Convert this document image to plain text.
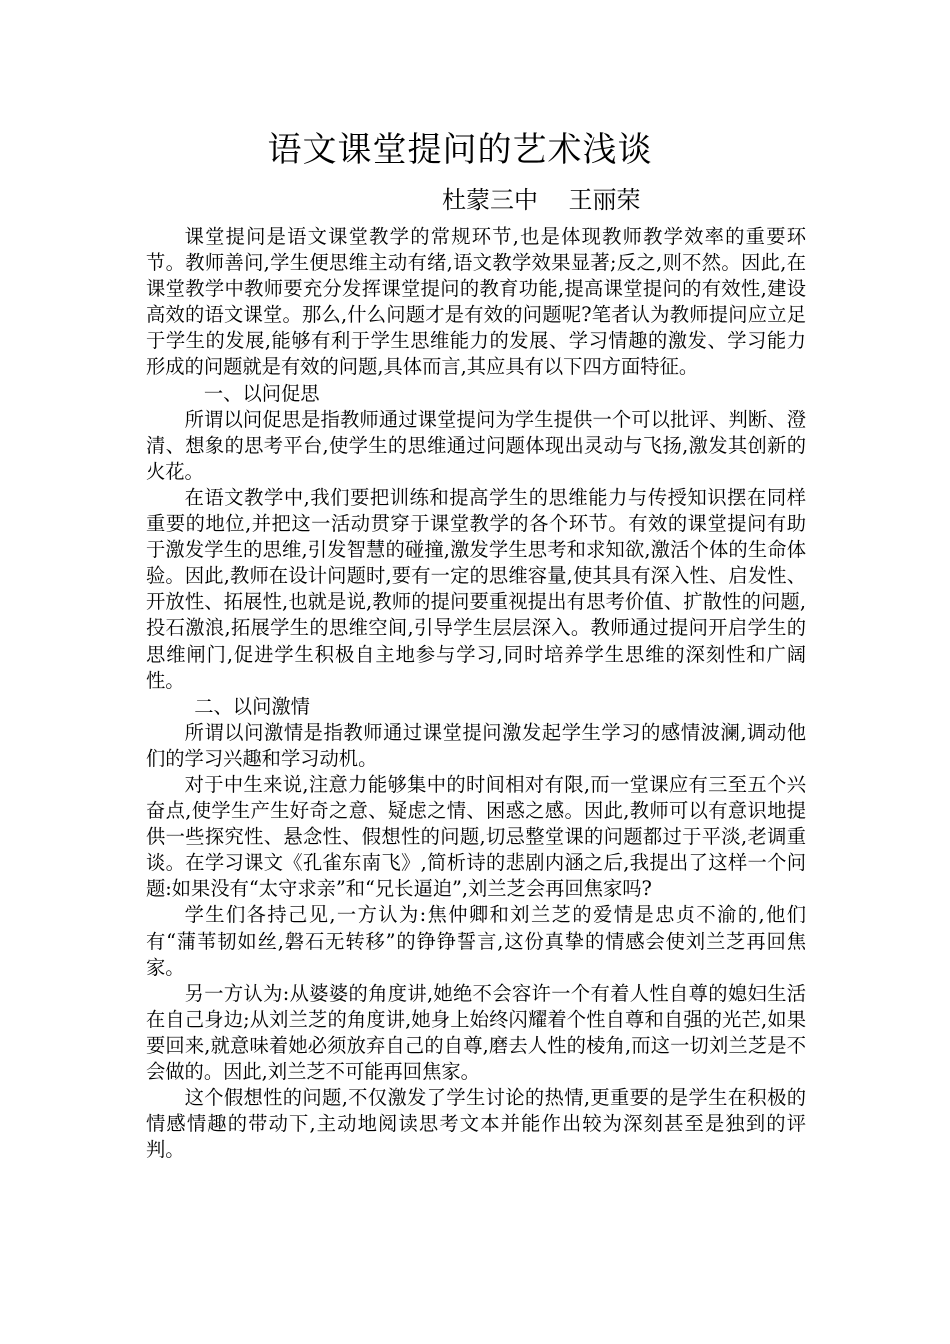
语文课堂提问的艺术浅谈
杜蒙三中    王丽荣

课堂提问是语文课堂教学的常规环节,也是体现教师教学效率的重要环节。教师善问,学生便思维主动有绪,语文教学效果显著;反之,则不然。因此,在课堂教学中教师要充分发挥课堂提问的教育功能,提高课堂提问的有效性,建设高效的语文课堂。那么,什么问题才是有效的问题呢?笔者认为教师提问应立足于学生的发展,能够有利于学生思维能力的发展、学习情趣的激发、学习能力形成的问题就是有效的问题,具体而言,其应具有以下四方面特征。

一、以问促思

所谓以问促思是指教师通过课堂提问为学生提供一个可以批评、判断、澄清、想象的思考平台,使学生的思维通过问题体现出灵动与飞扬,激发其创新的火花。

在语文教学中,我们要把训练和提高学生的思维能力与传授知识摆在同样重要的地位,并把这一活动贯穿于课堂教学的各个环节。有效的课堂提问有助于激发学生的思维,引发智慧的碰撞,激发学生思考和求知欲,激活个体的生命体验。因此,教师在设计问题时,要有一定的思维容量,使其具有深入性、启发性、开放性、拓展性,也就是说,教师的提问要重视提出有思考价值、扩散性的问题,投石激浪,拓展学生的思维空间,引导学生层层深入。教师通过提问开启学生的思维闸门,促进学生积极自主地参与学习,同时培养学生思维的深刻性和广阔性。

二、以问激情

所谓以问激情是指教师通过课堂提问激发起学生学习的感情波澜,调动他们的学习兴趣和学习动机。

对于中生来说,注意力能够集中的时间相对有限,而一堂课应有三至五个兴奋点,使学生产生好奇之意、疑虑之情、困惑之感。因此,教师可以有意识地提供一些探究性、悬念性、假想性的问题,切忌整堂课的问题都过于平淡,老调重谈。在学习课文《孔雀东南飞》,简析诗的悲剧内涵之后,我提出了这样一个问题:如果没有“太守求亲”和“兄长逼迫”,刘兰芝会再回焦家吗?

学生们各持己见,一方认为:焦仲卿和刘兰芝的爱情是忠贞不渝的,他们有“蒲苇韧如丝,磐石无转移”的铮铮誓言,这份真挚的情感会使刘兰芝再回焦家。

另一方认为:从婆婆的角度讲,她绝不会容许一个有着人性自尊的媳妇生活在自己身边;从刘兰芝的角度讲,她身上始终闪耀着个性自尊和自强的光芒,如果要回来,就意味着她必须放弃自己的自尊,磨去人性的棱角,而这一切刘兰芝是不会做的。因此,刘兰芝不可能再回焦家。

这个假想性的问题,不仅激发了学生讨论的热情,更重要的是学生在积极的情感情趣的带动下,主动地阅读思考文本并能作出较为深刻甚至是独到的评判。
